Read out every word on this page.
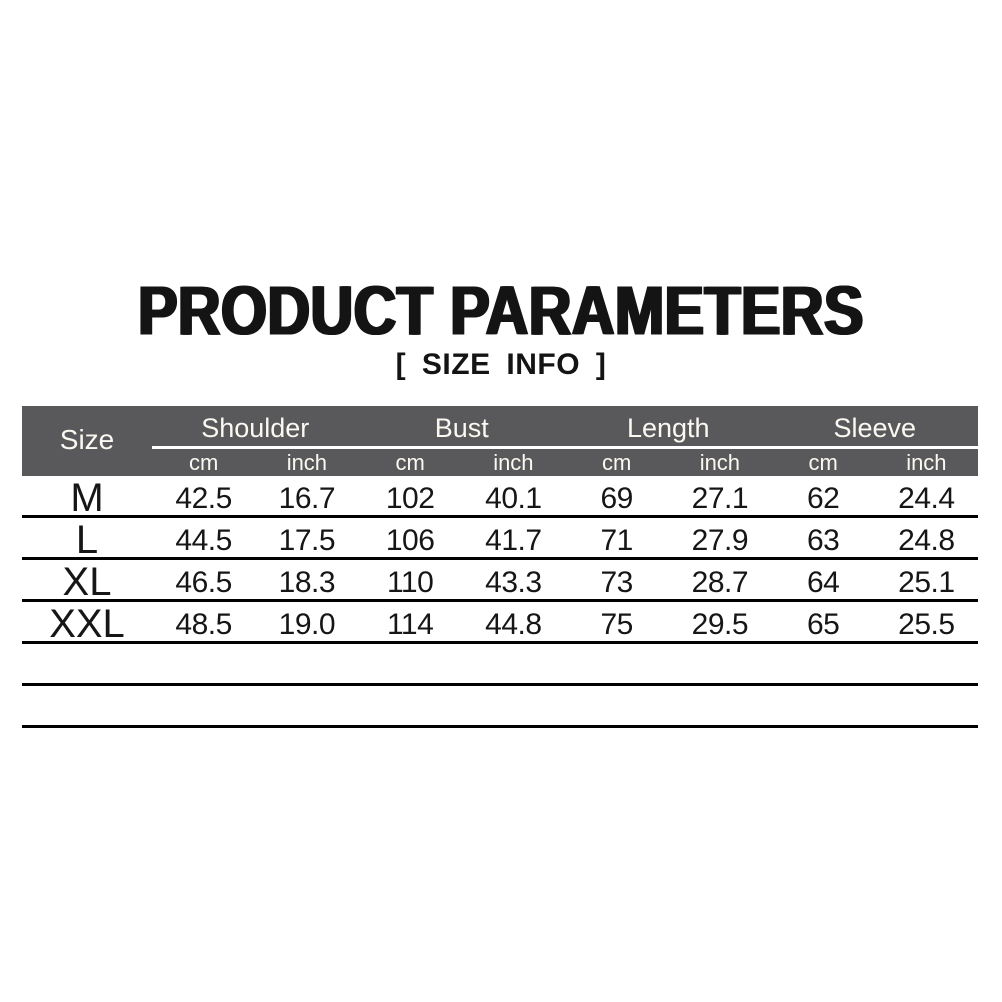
PRODUCT PARAMETERS
[ SIZE INFO ]
Size	Shoulder	Bust	Length	Sleeve
cm	inch	cm	inch	cm	inch	cm	inch
M	42.5	16.7	102	40.1	69	27.1	62	24.4
L	44.5	17.5	106	41.7	71	27.9	63	24.8
XL	46.5	18.3	110	43.3	73	28.7	64	25.1
XXL	48.5	19.0	114	44.8	75	29.5	65	25.5
